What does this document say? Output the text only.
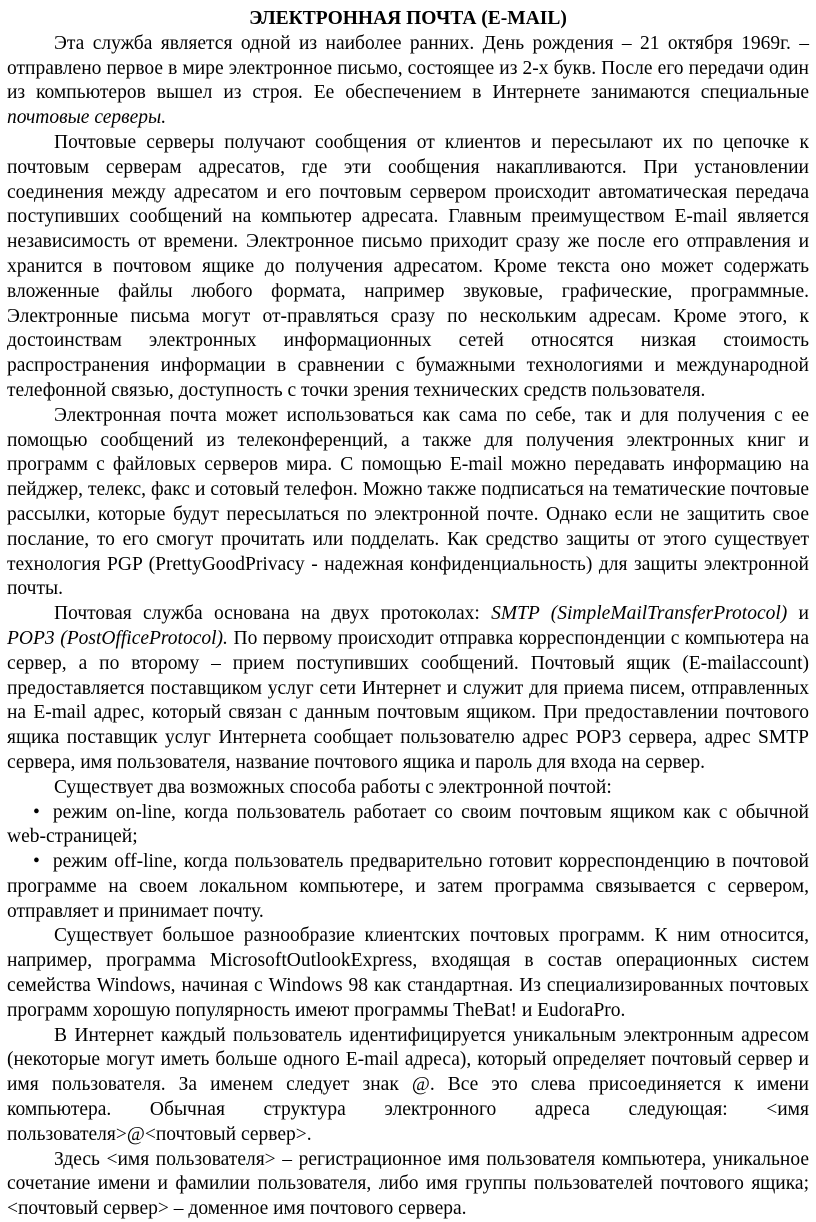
ЭЛЕКТРОННАЯ ПОЧТА (E-MAIL)

Эта служба является одной из наиболее ранних. День рождения – 21 октября 1969г. – отправлено первое в мире электронное письмо, состоящее из 2-х букв. После его передачи один из компьютеров вышел из строя. Ее обеспечением в Интернете занимаются специальные почтовые серверы.

Почтовые серверы получают сообщения от клиентов и пересылают их по цепочке к почтовым серверам адресатов, где эти сообщения накапливаются. При установлении соединения между адресатом и его почтовым сервером происходит автоматическая передача поступивших сообщений на компьютер адресата. Главным преимуществом E-mail является независимость от времени. Электронное письмо приходит сразу же после его отправления и хранится в почтовом ящике до получения адресатом. Кроме текста оно может содержать вложенные файлы любого формата, например звуковые, графические, программные. Электронные письма могут от-правляться сразу по нескольким адресам. Кроме этого, к достоинствам электронных информационных сетей относятся низкая стоимость распространения информации в сравнении с бумажными технологиями и международной телефонной связью, доступность с точки зрения технических средств пользователя.

Электронная почта может использоваться как сама по себе, так и для получения с ее помощью сообщений из телеконференций, а также для получения электронных книг и программ с файловых серверов мира. С помощью E-mail можно передавать информацию на пейджер, телекс, факс и сотовый телефон. Можно также подписаться на тематические почтовые рассылки, которые будут пересылаться по электронной почте. Однако если не защитить свое послание, то его смогут прочитать или подделать. Как средство защиты от этого существует технология PGP (PrettyGoodPrivacy - надежная конфиденциальность) для защиты электронной почты.

Почтовая служба основана на двух протоколах: SMTP (SimpleMailTransferProtocol) и POP3 (PostOfficeProtocol). По первому происходит отправка корреспонденции с компьютера на сервер, а по второму – прием поступивших сообщений. Почтовый ящик (E-mailaccount) предоставляется поставщиком услуг сети Интернет и служит для приема писем, отправленных на E-mail адрес, который связан с данным почтовым ящиком. При предоставлении почтового ящика поставщик услуг Интернета сообщает пользователю адрес POP3 сервера, адрес SMTP сервера, имя пользователя, название почтового ящика и пароль для входа на сервер.

Существует два возможных способа работы с электронной почтой:

• режим on-line, когда пользователь работает со своим почтовым ящиком как с обычной web-страницей;

• режим off-line, когда пользователь предварительно готовит корреспонденцию в почтовой программе на своем локальном компьютере, и затем программа связывается с сервером, отправляет и принимает почту.

Существует большое разнообразие клиентских почтовых программ. К ним относится, например, программа MicrosoftOutlookExpress, входящая в состав операционных систем семейства Windows, начиная с Windows 98 как стандартная. Из специализированных почтовых программ хорошую популярность имеют программы TheBat! и EudoraPro.

В Интернет каждый пользователь идентифицируется уникальным электронным адресом (некоторые могут иметь больше одного E-mail адреса), который определяет почтовый сервер и имя пользователя. За именем следует знак @. Все это слева присоединяется к имени компьютера. Обычная структура электронного адреса следующая: <имя пользователя>@<почтовый сервер>.

Здесь <имя пользователя> – регистрационное имя пользователя компьютера, уникальное сочетание имени и фамилии пользователя, либо имя группы пользователей почтового ящика; <почтовый сервер> – доменное имя почтового сервера.
